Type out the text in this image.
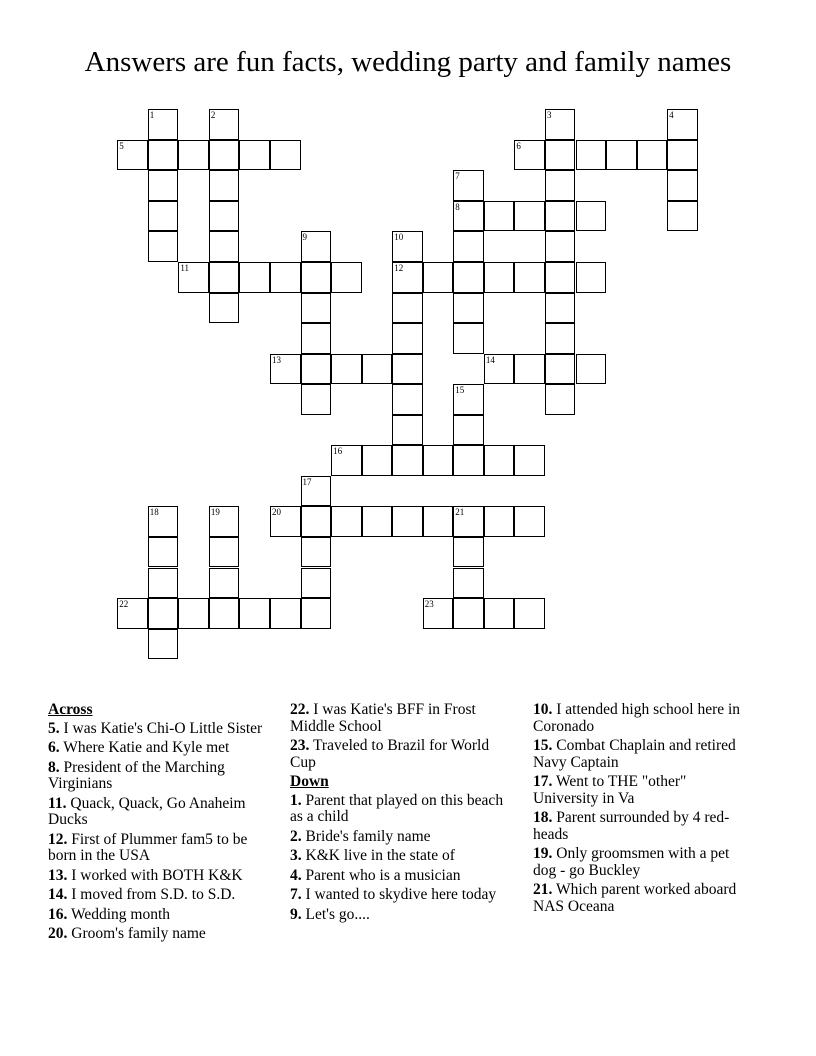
Answers are fun facts, wedding party and family names
1	2	3	4
5	6
7
8
9	10
12
11
13	14
15
16
17
18	19	20	21
22	23
Across
5. I was Katie's Chi-O Little Sister
6. Where Katie and Kyle met
8. President of the Marching Virginians
11. Quack, Quack, Go Anaheim Ducks
12. First of Plummer fam5 to be born in the USA
13. I worked with BOTH K&K
14. I moved from S.D. to S.D.
16. Wedding month
20. Groom's family name
22. I was Katie's BFF in Frost Middle School
23. Traveled to Brazil for World Cup
Down
1. Parent that played on this beach as a child
2. Bride's family name
3. K&K live in the state of
4. Parent who is a musician
7. I wanted to skydive here today
9. Let's go....
10. I attended high school here in Coronado
15. Combat Chaplain and retired Navy Captain
17. Went to THE "other" University in Va
18. Parent surrounded by 4 red-heads
19. Only groomsmen with a pet dog - go Buckley
21. Which parent worked aboard NAS Oceana
